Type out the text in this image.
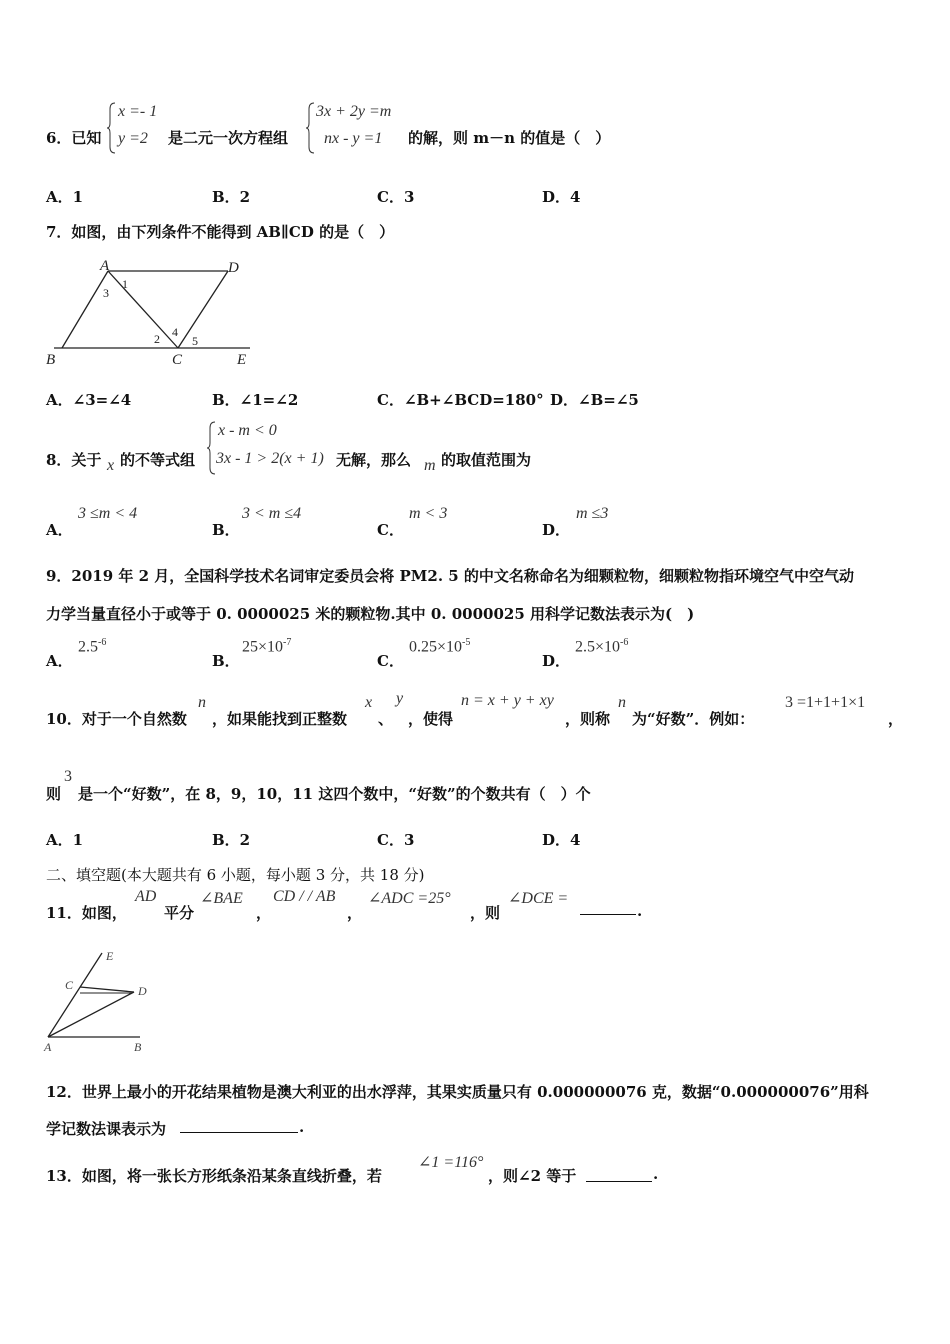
6．已知
x =- 1
y =2 是二元一次方程组
3x + 2y =m
nx - y =1 的解，则 m－n 的值是（　）
A．1	B．2	C．3	D．4
7．如图，由下列条件不能得到 AB∥CD 的是（　）
A	D
B	C	E
1
2
3
4
5
A．∠3=∠4	B．∠1=∠2	C．∠B+∠BCD=180° D．∠B=∠5
8．关于 x 的不等式组
x - m < 0
3x - 1 > 2(x + 1) 无解，那么 m 的取值范围为
A．
3 ≤m < 4
B．
3 < m ≤4
C．
m < 3
D．
m ≤3
9．2019 年 2 月，全国科学技术名词审定委员会将 PM2. 5 的中文名称命名为细颗粒物，细颗粒物指环境空气中空气动
力学当量直径小于或等于 0. 0000025 米的颗粒物.其中 0. 0000025 用科学记数法表示为(　)
A．
$2.5^{-6}$
B．
$25\times 10^{-7}$
C．
$0.25\times 10^{-5}$
D．
$2.5\times 10^{-6}$
10．对于一个自然数
n
，如果能找到正整数
x
、
y
，使得
n = x + y + xy
，则称
n
为“好数”．例如：
3 =1+1+1×1
，
则
3
是一个“好数”，在 8，9，10，11 这四个数中，“好数”的个数共有（　）个
A．1	B．2	C．3	D．4
二、填空题(本大题共有 6 小题，每小题 3 分，共 18 分)
11．如图，
AD
平分
∠BAE
，
CD / / AB
，
∠ADC =25°
，则
∠DCE =
.
E
C	D
A	B
12．世界上最小的开花结果植物是澳大利亚的出水浮萍，其果实质量只有 0.000000076 克，数据“0.000000076”用科
学记数法课表示为	.
13．如图，将一张长方形纸条沿某条直线折叠，若
∠1 =116°
，则∠2 等于	.
